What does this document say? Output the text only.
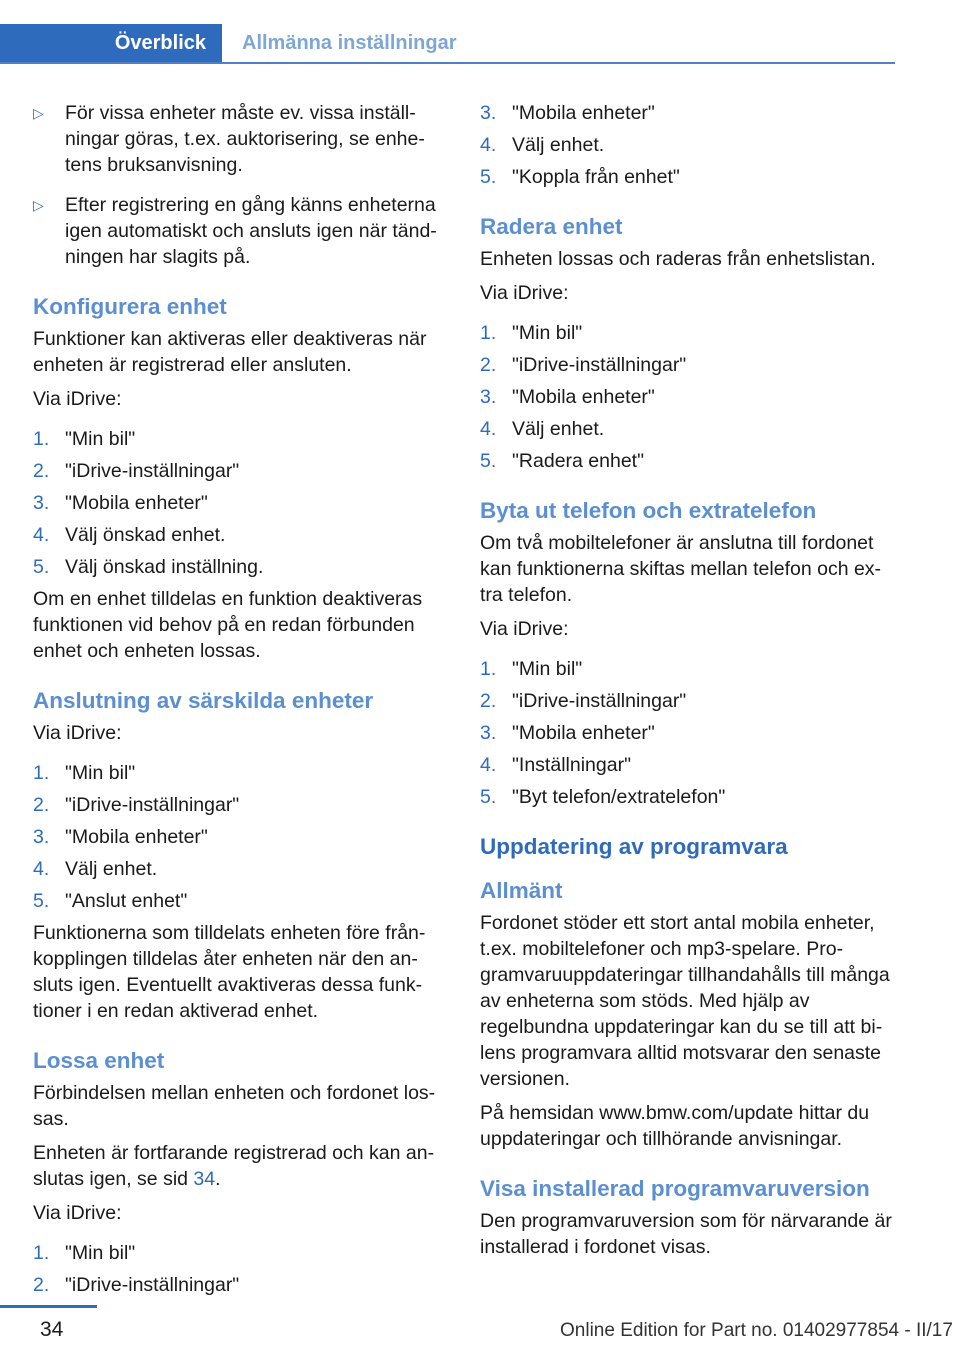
Överblick	Allmänna inställningar
▷ För vissa enheter måste ev. vissa inställ-ningar göras, t.ex. auktorisering, se enhe-tens bruksanvisning.
▷ Efter registrering en gång känns enheterna igen automatiskt och ansluts igen när tänd-ningen har slagits på.
Konfigurera enhet

Funktioner kan aktiveras eller deaktiveras när enheten är registrerad eller ansluten.

Via iDrive:

1. "Min bil"
2. "iDrive-inställningar"
3. "Mobila enheter"
4. Välj önskad enhet.
5. Välj önskad inställning.

Om en enhet tilldelas en funktion deaktiveras funktionen vid behov på en redan förbunden enhet och enheten lossas.

Anslutning av särskilda enheter

Via iDrive:

1. "Min bil"
2. "iDrive-inställningar"
3. "Mobila enheter"
4. Välj enhet.
5. "Anslut enhet"

Funktionerna som tilldelats enheten före från-kopplingen tilldelas åter enheten när den an-sluts igen. Eventuellt avaktiveras dessa funk-tioner i en redan aktiverad enhet.

Lossa enhet

Förbindelsen mellan enheten och fordonet los-sas.

Enheten är fortfarande registrerad och kan an-slutas igen, se sid 34.

Via iDrive:

1. "Min bil"
2. "iDrive-inställningar"
3. "Mobila enheter"
4. Välj enhet.
5. "Koppla från enhet"
Radera enhet

Enheten lossas och raderas från enhetslistan.

Via iDrive:

1. "Min bil"
2. "iDrive-inställningar"
3. "Mobila enheter"
4. Välj enhet.
5. "Radera enhet"
Byta ut telefon och extratelefon

Om två mobiltelefoner är anslutna till fordonet kan funktionerna skiftas mellan telefon och ex-tra telefon.

Via iDrive:

1. "Min bil"
2. "iDrive-inställningar"
3. "Mobila enheter"
4. "Inställningar"
5. "Byt telefon/extratelefon"
Uppdatering av programvara
Allmänt

Fordonet stöder ett stort antal mobila enheter, t.ex. mobiltelefoner och mp3-spelare. Pro-gramvaruuppdateringar tillhandahålls till många av enheterna som stöds. Med hjälp av regelbundna uppdateringar kan du se till att bi-lens programvara alltid motsvarar den senaste versionen.

På hemsidan www.bmw.com/update hittar du uppdateringar och tillhörande anvisningar.

Visa installerad programvaruversion

Den programvaruversion som för närvarande är installerad i fordonet visas.

34	Online Edition for Part no. 01402977854 - II/17
